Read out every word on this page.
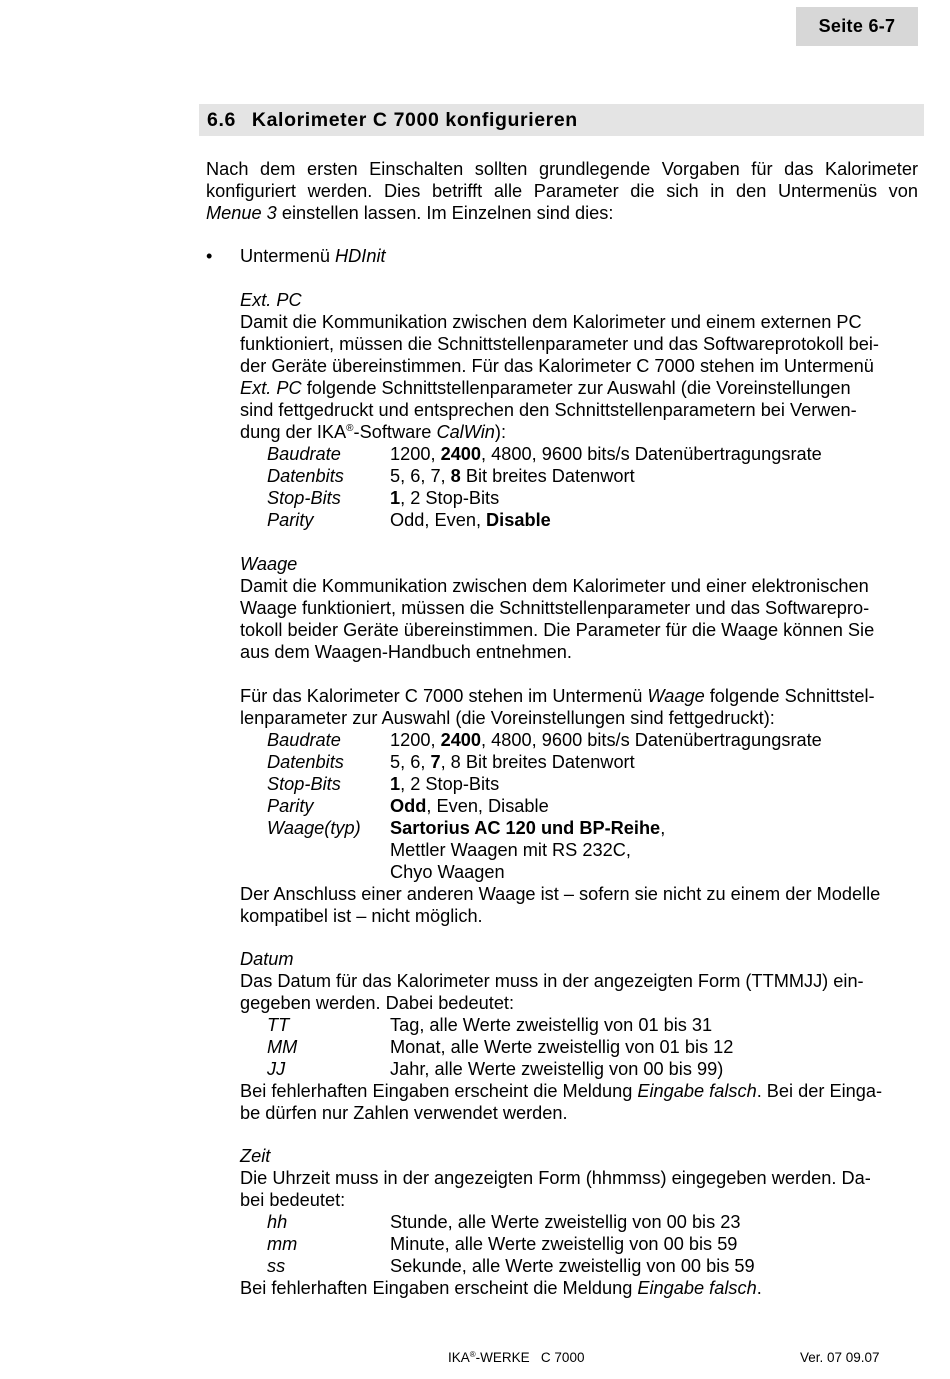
Seite 6-7
6.6 Kalorimeter C 7000 konfigurieren
Nach dem ersten Einschalten sollten grundlegende Vorgaben für das Kalorimeter
konfiguriert werden. Dies betrifft alle Parameter die sich in den Untermenüs von
Menue 3 einstellen lassen. Im Einzelnen sind dies:
• Untermenü HDInit
Ext. PC
Damit die Kommunikation zwischen dem Kalorimeter und einem externen PC
funktioniert, müssen die Schnittstellenparameter und das Softwareprotokoll bei-
der Geräte übereinstimmen. Für das Kalorimeter C 7000 stehen im Untermenü
Ext. PC folgende Schnittstellenparameter zur Auswahl (die Voreinstellungen
sind fettgedruckt und entsprechen den Schnittstellenparametern bei Verwen-
dung der IKA®-Software CalWin):
Baudrate	1200, 2400, 4800, 9600 bits/s Datenübertragungsrate
Datenbits	5, 6, 7, 8 Bit breites Datenwort
Stop-Bits	1, 2 Stop-Bits
Parity	Odd, Even, Disable
Waage
Damit die Kommunikation zwischen dem Kalorimeter und einer elektronischen
Waage funktioniert, müssen die Schnittstellenparameter und das Softwarepro-
tokoll beider Geräte übereinstimmen. Die Parameter für die Waage können Sie
aus dem Waagen-Handbuch entnehmen.
Für das Kalorimeter C 7000 stehen im Untermenü Waage folgende Schnittstel-
lenparameter zur Auswahl (die Voreinstellungen sind fettgedruckt):
Baudrate	1200, 2400, 4800, 9600 bits/s Datenübertragungsrate
Datenbits	5, 6, 7, 8 Bit breites Datenwort
Stop-Bits	1, 2 Stop-Bits
Parity	Odd, Even, Disable
Waage(typ) Sartorius AC 120 und BP-Reihe,
Mettler Waagen mit RS 232C,
Chyo Waagen
Der Anschluss einer anderen Waage ist – sofern sie nicht zu einem der Modelle
kompatibel ist – nicht möglich.
Datum
Das Datum für das Kalorimeter muss in der angezeigten Form (TTMMJJ) ein-
gegeben werden. Dabei bedeutet:
TT	Tag, alle Werte zweistellig von 01 bis 31
MM	Monat, alle Werte zweistellig von 01 bis 12
JJ	Jahr, alle Werte zweistellig von 00 bis 99)
Bei fehlerhaften Eingaben erscheint die Meldung Eingabe falsch. Bei der Einga-
be dürfen nur Zahlen verwendet werden.
Zeit
Die Uhrzeit muss in der angezeigten Form (hhmmss) eingegeben werden. Da-
bei bedeutet:
hh	Stunde, alle Werte zweistellig von 00 bis 23
mm	Minute, alle Werte zweistellig von 00 bis 59
ss	Sekunde, alle Werte zweistellig von 00 bis 59
Bei fehlerhaften Eingaben erscheint die Meldung Eingabe falsch.
IKA®-WERKE   C 7000	Ver. 07 09.07
